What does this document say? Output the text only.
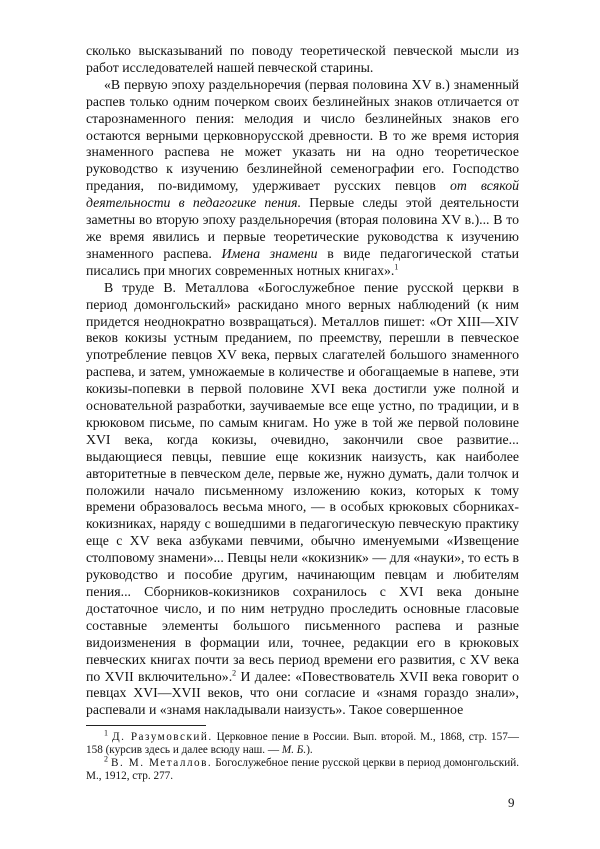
сколько высказываний по поводу теоретической певческой мысли из работ исследователей нашей певческой старины.

«В первую эпоху раздельноречия (первая половина XV в.) знаменный распев только одним почерком своих безлинейных знаков отличается от старознаменного пения: мелодия и число безлинейных знаков его остаются верными церковнорусской древности. В то же время история знаменного распева не может указать ни на одно теоретическое руководство к изучению безлинейной семенографии его. Господство предания, по-видимому, удерживает русских певцов от всякой деятельности в педагогике пения. Первые следы этой деятельности заметны во вторую эпоху раздельноречия (вторая половина XV в.)... В то же время явились и первые теоретические руководства к изучению знаменного распева. Имена знамени в виде педагогической статьи писались при многих современных нотных книгах».$^1$

В труде В. Металлова «Богослужебное пение русской церкви в период домонгольский» раскидано много верных наблюдений (к ним придется неоднократно возвращаться). Металлов пишет: «От XIII—XIV веков кокизы устным преданием, по преемству, перешли в певческое употребление певцов XV века, первых слагателей большого знаменного распева, и затем, умножаемые в количестве и обогащаемые в напеве, эти кокизы-попевки в первой половине XVI века достигли уже полной и основательной разработки, заучиваемые все еще устно, по традиции, и в крюковом письме, по самым книгам. Но уже в той же первой половине XVI века, когда кокизы, очевидно, закончили свое развитие... выдающиеся певцы, певшие еще кокизник наизусть, как наиболее авторитетные в певческом деле, первые же, нужно думать, дали толчок и положили начало письменному изложению кокиз, которых к тому времени образовалось весьма много, — в особых крюковых сборниках-кокизниках, наряду с вошедшими в педагогическую певческую практику еще с XV века азбуками певчими, обычно именуемыми «Извещение столповому знамени»... Певцы нели «кокизник» — для «науки», то есть в руководство и пособие другим, начинающим певцам и любителям пения... Сборников-кокизников сохранилось с XVI века доныне достаточное число, и по ним нетрудно проследить основные гласовые составные элементы большого письменного распева и разные видоизменения в формации или, точнее, редакции его в крюковых певческих книгах почти за весь период времени его развития, с XV века по XVII включительно».$^2$ И далее: «Повествователь XVII века говорит о певцах XVI—XVII веков, что они согласие и «знамя гораздо знали», распевали и «знамя накладывали наизусть». Такое совершенное

$^1$ Д. Разумовский. Церковное пение в России. Вып. второй. М., 1868, стр. 157—158 (курсив здесь и далее всюду наш. — М. Б.).

$^2$ В. М. Металлов. Богослужебное пение русской церкви в период домонгольский. М., 1912, стр. 277.

9
